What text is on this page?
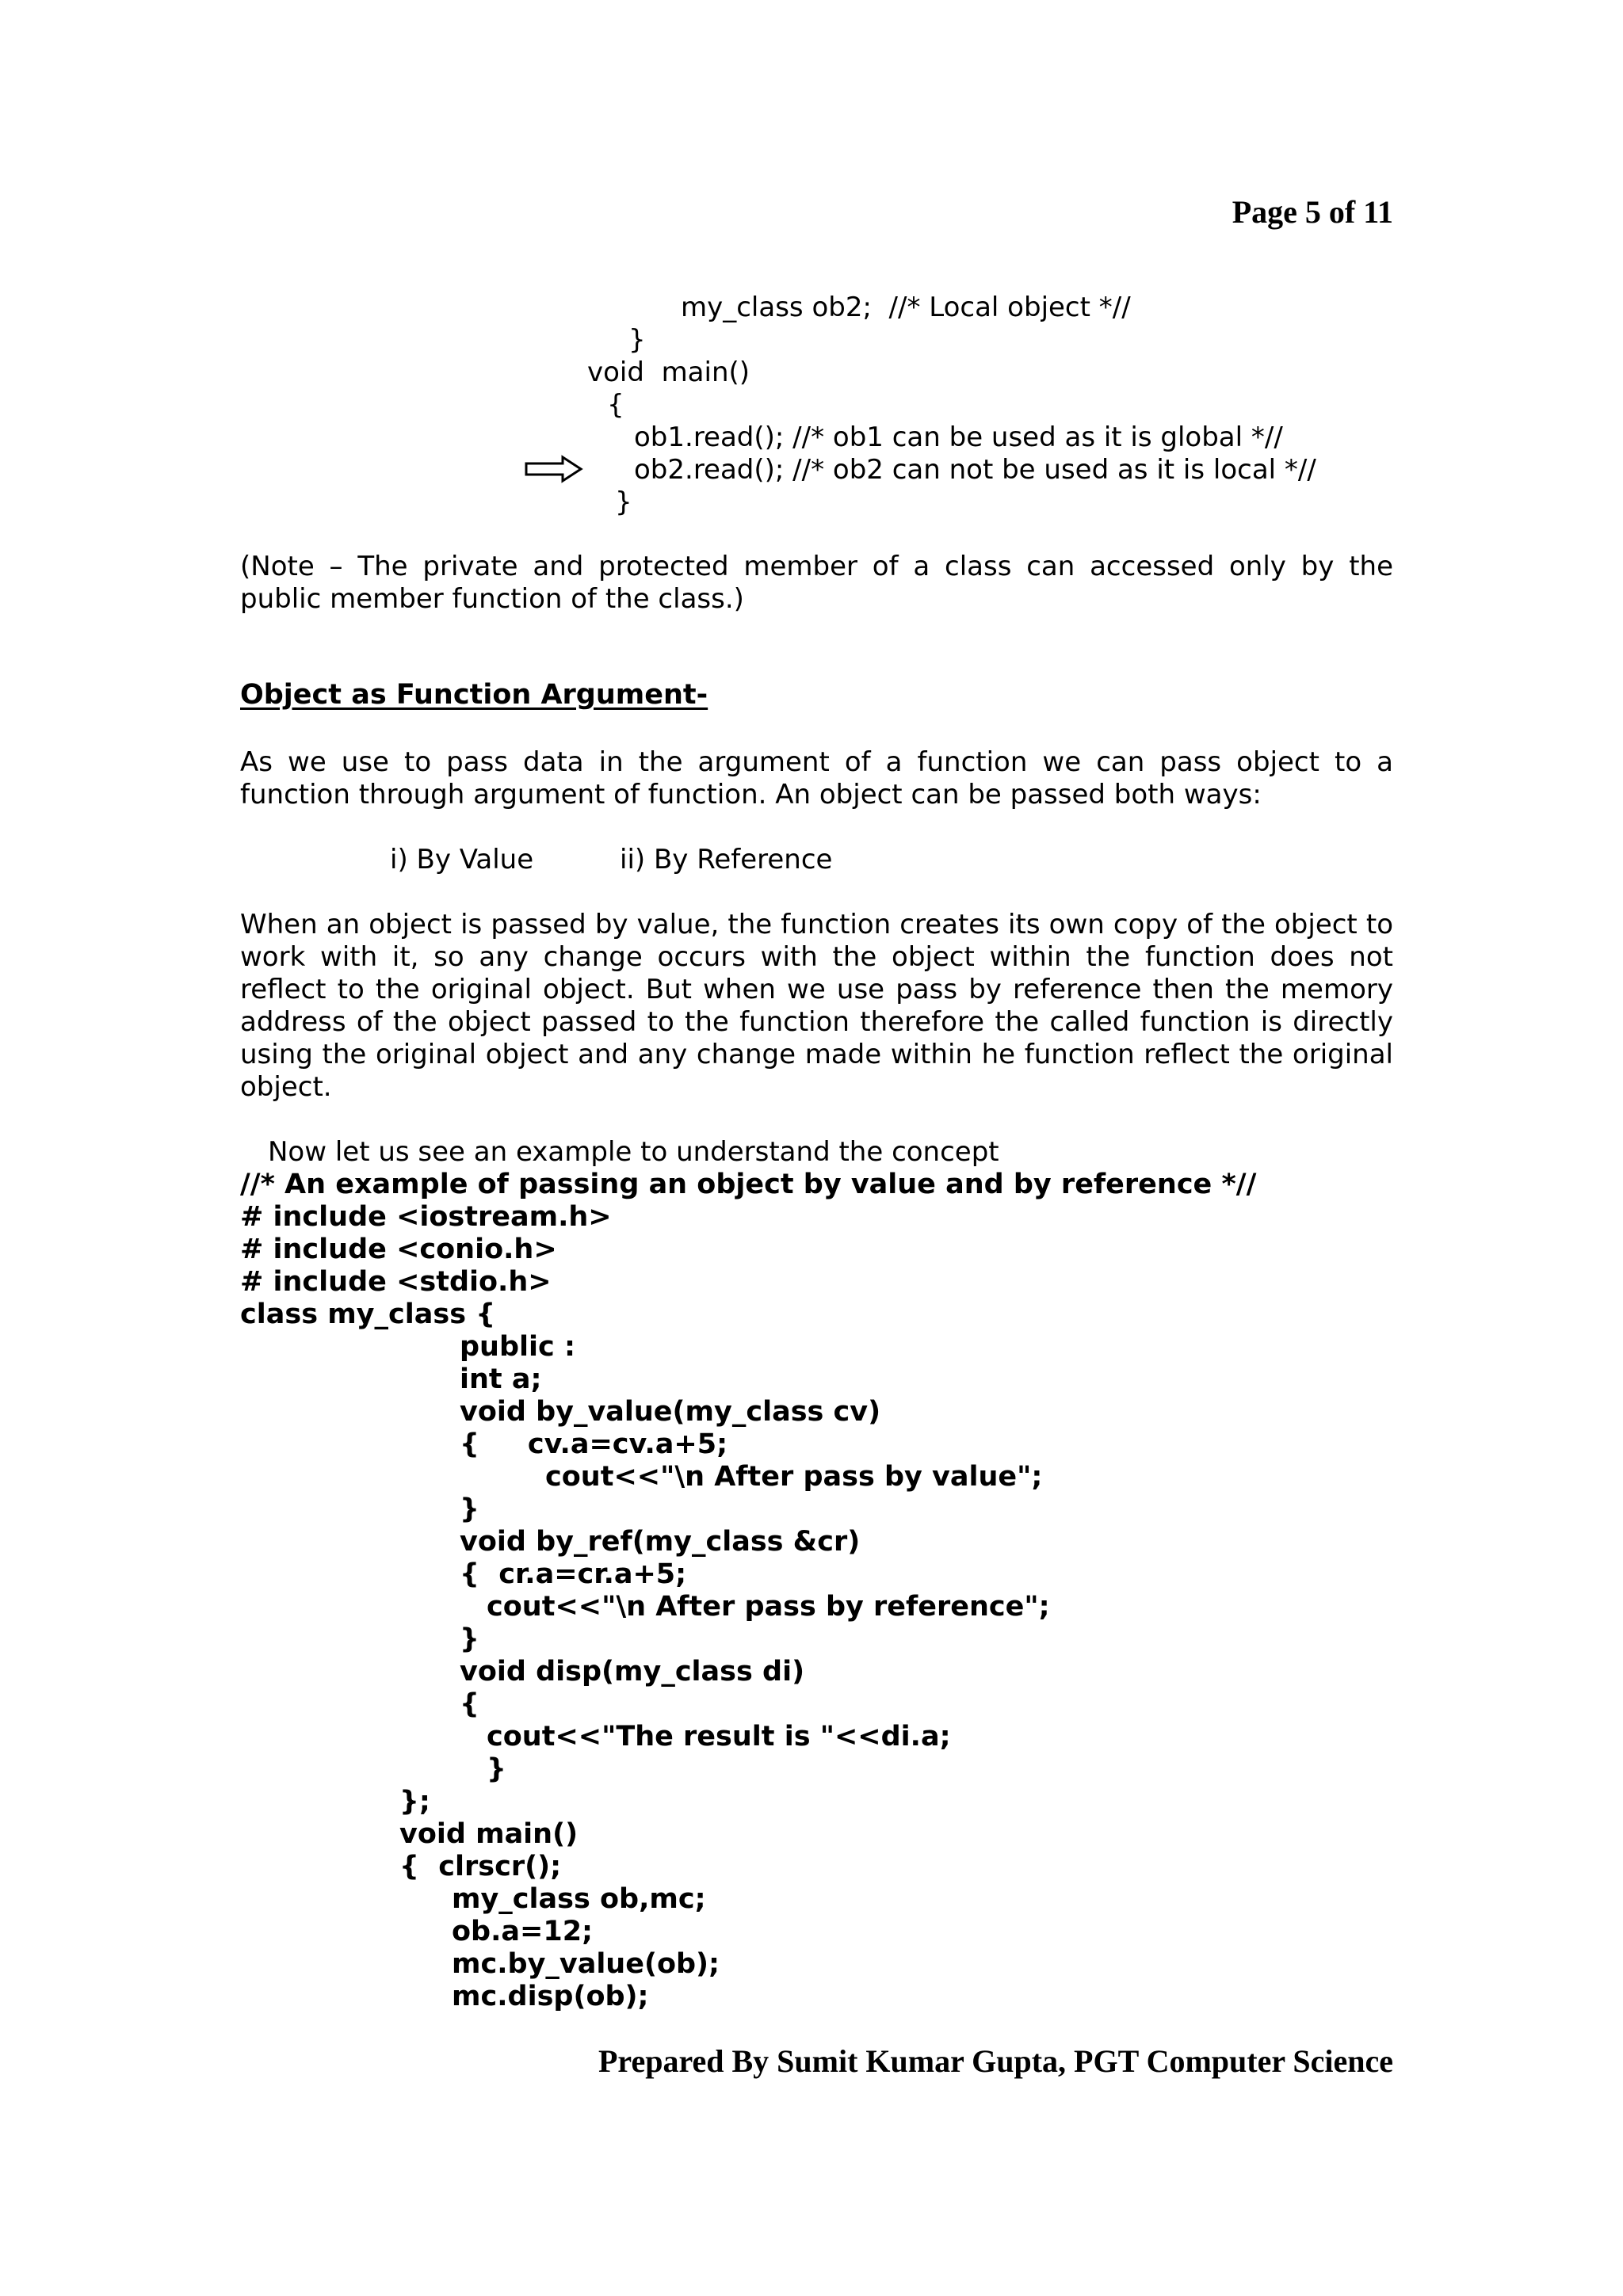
Page 5 of 11
my_class ob2;  //* Local object *//
}
void  main()
{
ob1.read(); //* ob1 can be used as it is global *//
ob2.read(); //* ob2 can not be used as it is local *//
}
(Note – The private and protected member of a class can accessed only by the public member function of the class.)
Object as Function Argument-
As we use to pass data in the argument of a function we can pass object to a function through argument of function. An object can be passed both ways:
i) By Value	ii) By Reference
When an object is passed by value, the function creates its own copy of the object to work with it, so any change occurs with the object within the function does not reflect to the original object. But when we use pass by reference then the memory address of the object passed to the function therefore the called function is directly using the original object and any change made within he function reflect the original object.
Now let us see an example to understand the concept
//* An example of passing an object by value and by reference *//
# include <iostream.h>
# include <conio.h>
# include <stdio.h>
class my_class {
public :
int a;
void by_value(my_class cv)
{     cv.a=cv.a+5;
cout<<"\n After pass by value";
}
void by_ref(my_class &cr)
{  cr.a=cr.a+5;
cout<<"\n After pass by reference";
}
void disp(my_class di)
{
cout<<"The result is "<<di.a;
}
};
void main()
{  clrscr();
my_class ob,mc;
ob.a=12;
mc.by_value(ob);
mc.disp(ob);
Prepared By Sumit Kumar Gupta, PGT Computer Science
